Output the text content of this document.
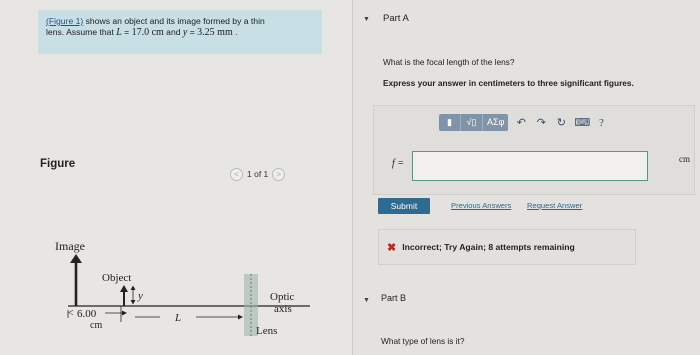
(Figure 1) shows an object and its image formed by a thin
lens. Assume that L = 17.0 cm and y = 3.25 mm .
Figure
< 1 of 1	>
Image
Object
y
< 6.00
cm
L
Optic
axis
Lens
▼ Part A
What is the focal length of the lens?
Express your answer in centimeters to three significant figures.
▮	√▯	ΑΣφ	↶ ↷ ↻ ⌨ ?
f =	cm
Submit	Previous Answers Request Answer
✖ Incorrect; Try Again; 8 attempts remaining
▼ Part B
What type of lens is it?
